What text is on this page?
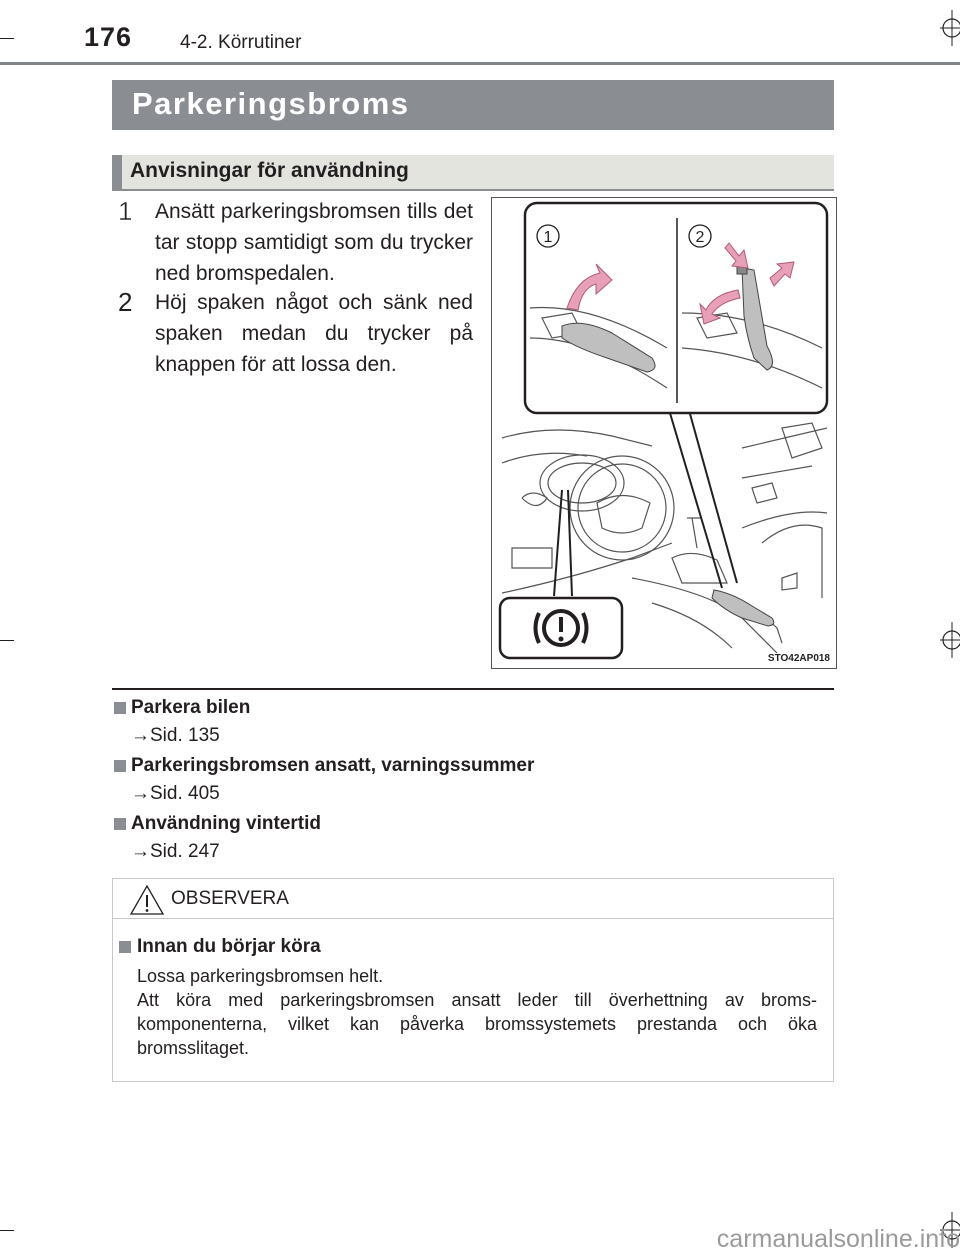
176	4-2. Körrutiner
Parkeringsbroms
Anvisningar för användning
1 Ansätt parkeringsbromsen tills det tar stopp samtidigt som du trycker ned bromspedalen.
2 Höj spaken något och sänk ned spaken medan du trycker på knappen för att lossa den.
1	2
STO42AP018
Parkera bilen
→Sid. 135
Parkeringsbromsen ansatt, varningssummer
→Sid. 405
Användning vintertid
→Sid. 247
OBSERVERA
Innan du börjar köra
Lossa parkeringsbromsen helt.
Att köra med parkeringsbromsen ansatt leder till överhettning av broms-komponenterna, vilket kan påverka bromssystemets prestanda och öka bromsslitaget.
carmanualsonline.info
